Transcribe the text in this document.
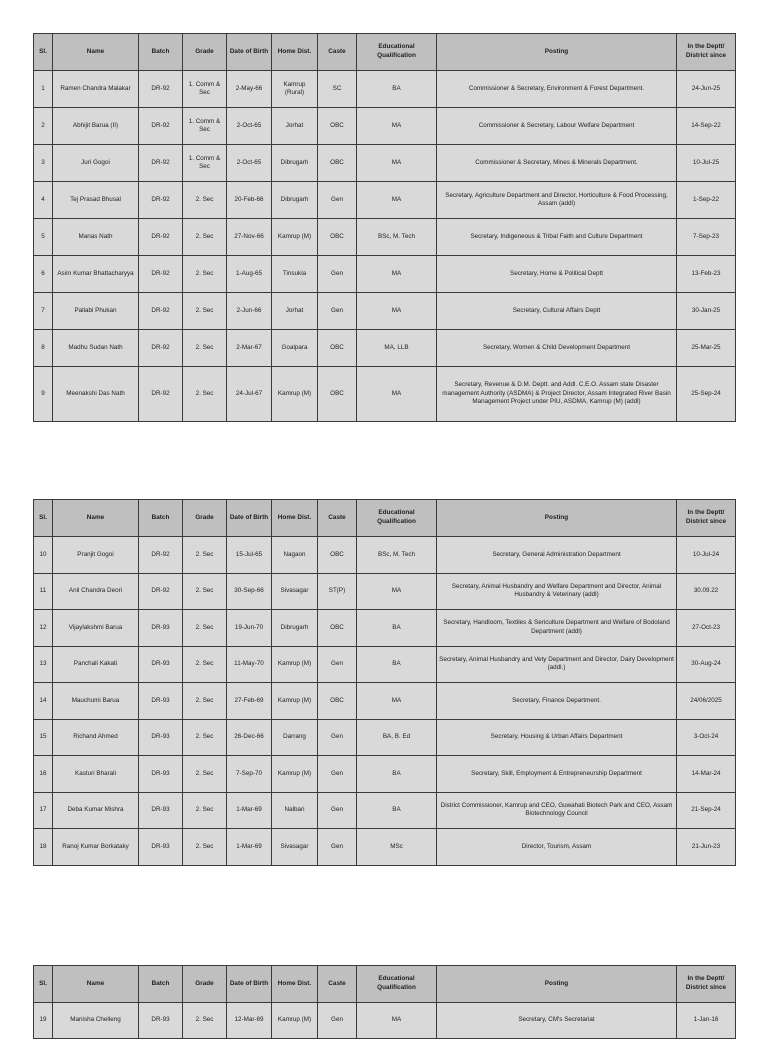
Sl.	Name	Batch	Grade	Date of Birth	Home Dist.	Caste	Educational Qualification	Posting	In the Deptt/ District since
1	Ramen Chandra Malakar	DR-92	1. Comm & Sec	2-May-66	Kamrup (Rural)	SC	BA	Commissioner & Secretary, Environment & Forest Department.	24-Jun-25
2	Abhijit Barua (II)	DR-92	1. Comm & Sec	2-Oct-65	Jorhat	OBC	MA	Commissioner & Secretary, Labour Welfare Department	14-Sep-22
3	Juri Gogoi	DR-92	1. Comm & Sec	2-Oct-65	Dibrugarh	OBC	MA	Commissioner & Secretary, Mines & Minerals Department.	10-Jul-25
4	Tej Prasad Bhusal	DR-92	2. Sec	20-Feb-66	Dibrugarh	Gen	MA	Secretary, Agriculture Department and Director, Horticulture & Food Processing, Assam (addl)	1-Sep-22
5	Manas Nath	DR-92	2. Sec	27-Nov-66	Kamrup (M)	OBC	BSc, M. Tech	Secretary, Indigeneous & Tribal Faith and Culture Department	7-Sep-23
6	Asim Kumar Bhattacharyya	DR-92	2. Sec	1-Aug-65	Tinsukia	Gen	MA	Secretary, Home & Political Deptt	13-Feb-23
7	Pallabi Phukan	DR-92	2. Sec	2-Jun-66	Jorhat	Gen	MA	Secretary, Cultural Affairs Deptt	30-Jan-25
8	Madhu Sudan Nath	DR-92	2. Sec	2-Mar-67	Goalpara	OBC	MA, LLB	Secretary, Women & Child Development Department	25-Mar-25
9	Meenakshi Das Nath	DR-92	2. Sec	24-Jul-67	Kamrup (M)	OBC	MA	Secretary, Revenue & D.M. Deptt. and Addl. C.E.O. Assam state Disaster management Authority (ASDMA) & Project Director, Assam Integrated River Basin Management Project under PIU, ASDMA, Kamrup (M) (addl)	25-Sep-24
Sl.	Name	Batch	Grade	Date of Birth	Home Dist.	Caste	Educational Qualification	Posting	In the Deptt/ District since
10	Pranjit Gogoi	DR-92	2. Sec	15-Jul-65	Nagaon	OBC	BSc, M. Tech	Secretary, General Administration Department	10-Jul-24
11	Anil Chandra Deori	DR-92	2. Sec	30-Sep-66	Sivasagar	ST(P)	MA	Secretary, Animal Husbandry and Welfare Department and Director, Animal Husbandry & Veterinary (addl)	30.09.22
12	Vijaylakshmi Barua	DR-93	2. Sec	19-Jun-70	Dibrugarh	OBC	BA	Secretary, Handloom, Textiles & Sericulture Department and Welfare of Bodoland Department (addl)	27-Oct-23
13	Panchali Kakati	DR-93	2. Sec	11-May-70	Kamrup (M)	Gen	BA	Secretary, Animal Husbandry and Vety Department and Director, Dairy Development (addl.)	30-Aug-24
14	Mauchumi Barua	DR-93	2. Sec	27-Feb-69	Kamrup (M)	OBC	MA	Secretary, Finance Department.	24/06/2025
15	Richand Ahmed	DR-93	2. Sec	26-Dec-66	Darrang	Gen	BA, B. Ed	Secretary, Housing & Urban Affairs Department	3-Oct-24
16	Kasturi Bharali	DR-93	2. Sec	7-Sep-70	Kamrup (M)	Gen	BA	Secretary, Skill, Employment & Entrepreneurship Department	14-Mar-24
17	Deba Kumar Mishra	DR-93	2. Sec	1-Mar-69	Nalbari	Gen	BA	District Commissioner, Kamrup and CEO, Guwahati Biotech Park and CEO, Assam Biotechnology Council	21-Sep-24
18	Ranoj Kumar Borkataky	DR-93	2. Sec	1-Mar-69	Sivasagar	Gen	MSc	Director, Tourism, Assam	21-Jun-23
Sl.	Name	Batch	Grade	Date of Birth	Home Dist.	Caste	Educational Qualification	Posting	In the Deptt/ District since
19	Manisha Chelleng	DR-93	2. Sec	12-Mar-69	Kamrup (M)	Gen	MA	Secretary, CM's Secretariat	1-Jan-16
